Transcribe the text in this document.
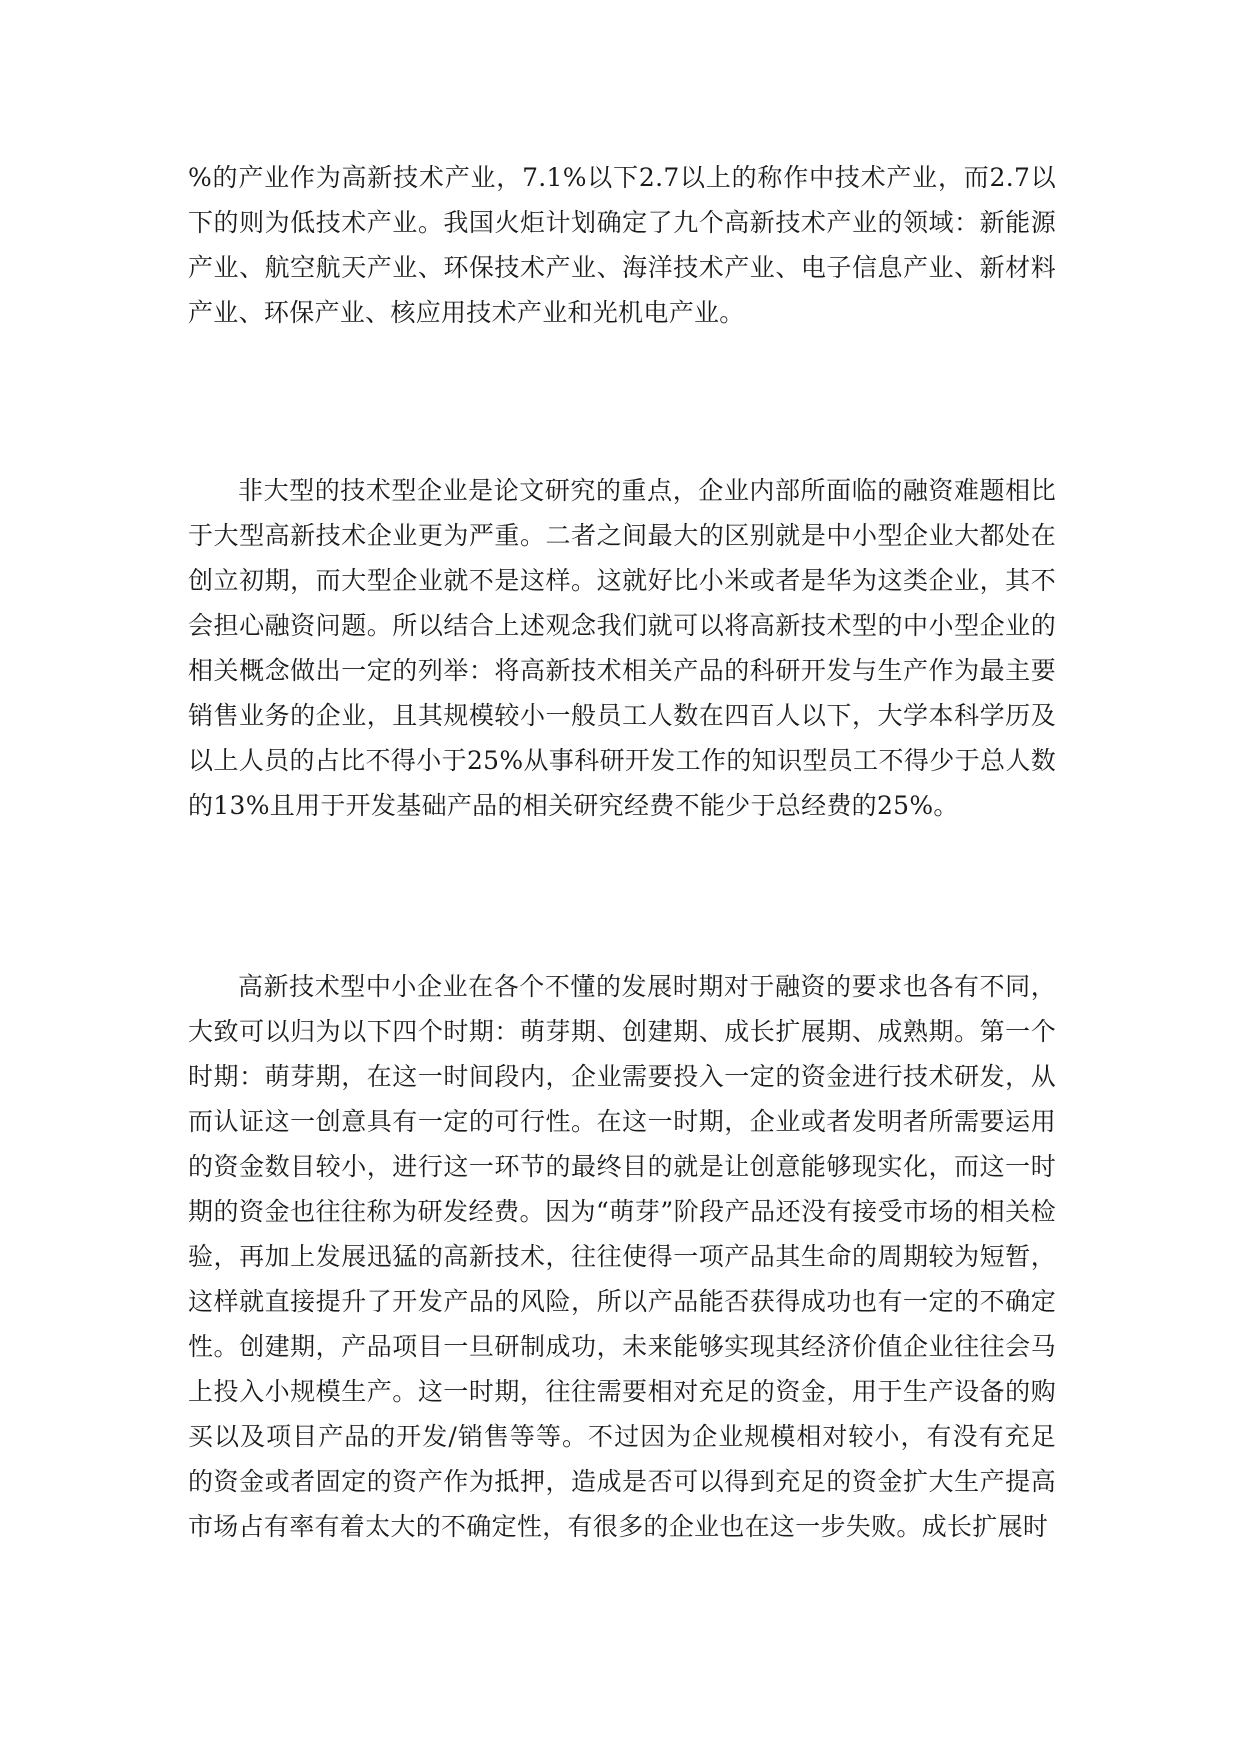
%的产业作为高新技术产业，7.1%以下2.7以上的称作中技术产业，而2.7以下的则为低技术产业。我国火炬计划确定了九个高新技术产业的领域：新能源产业、航空航天产业、环保技术产业、海洋技术产业、电子信息产业、新材料产业、环保产业、核应用技术产业和光机电产业。

非大型的技术型企业是论文研究的重点，企业内部所面临的融资难题相比于大型高新技术企业更为严重。二者之间最大的区别就是中小型企业大都处在创立初期，而大型企业就不是这样。这就好比小米或者是华为这类企业，其不会担心融资问题。所以结合上述观念我们就可以将高新技术型的中小型企业的相关概念做出一定的列举：将高新技术相关产品的科研开发与生产作为最主要销售业务的企业，且其规模较小一般员工人数在四百人以下，大学本科学历及以上人员的占比不得小于25%从事科研开发工作的知识型员工不得少于总人数的13%且用于开发基础产品的相关研究经费不能少于总经费的25%。

高新技术型中小企业在各个不懂的发展时期对于融资的要求也各有不同，大致可以归为以下四个时期：萌芽期、创建期、成长扩展期、成熟期。第一个时期：萌芽期，在这一时间段内，企业需要投入一定的资金进行技术研发，从而认证这一创意具有一定的可行性。在这一时期，企业或者发明者所需要运用的资金数目较小，进行这一环节的最终目的就是让创意能够现实化，而这一时期的资金也往往称为研发经费。因为“萌芽”阶段产品还没有接受市场的相关检验，再加上发展迅猛的高新技术，往往使得一项产品其生命的周期较为短暂，这样就直接提升了开发产品的风险，所以产品能否获得成功也有一定的不确定性。创建期，产品项目一旦研制成功，未来能够实现其经济价值企业往往会马上投入小规模生产。这一时期，往往需要相对充足的资金，用于生产设备的购买以及项目产品的开发/销售等等。不过因为企业规模相对较小，有没有充足的资金或者固定的资产作为抵押，造成是否可以得到充足的资金扩大生产提高市场占有率有着太大的不确定性，有很多的企业也在这一步失败。成长扩展时
